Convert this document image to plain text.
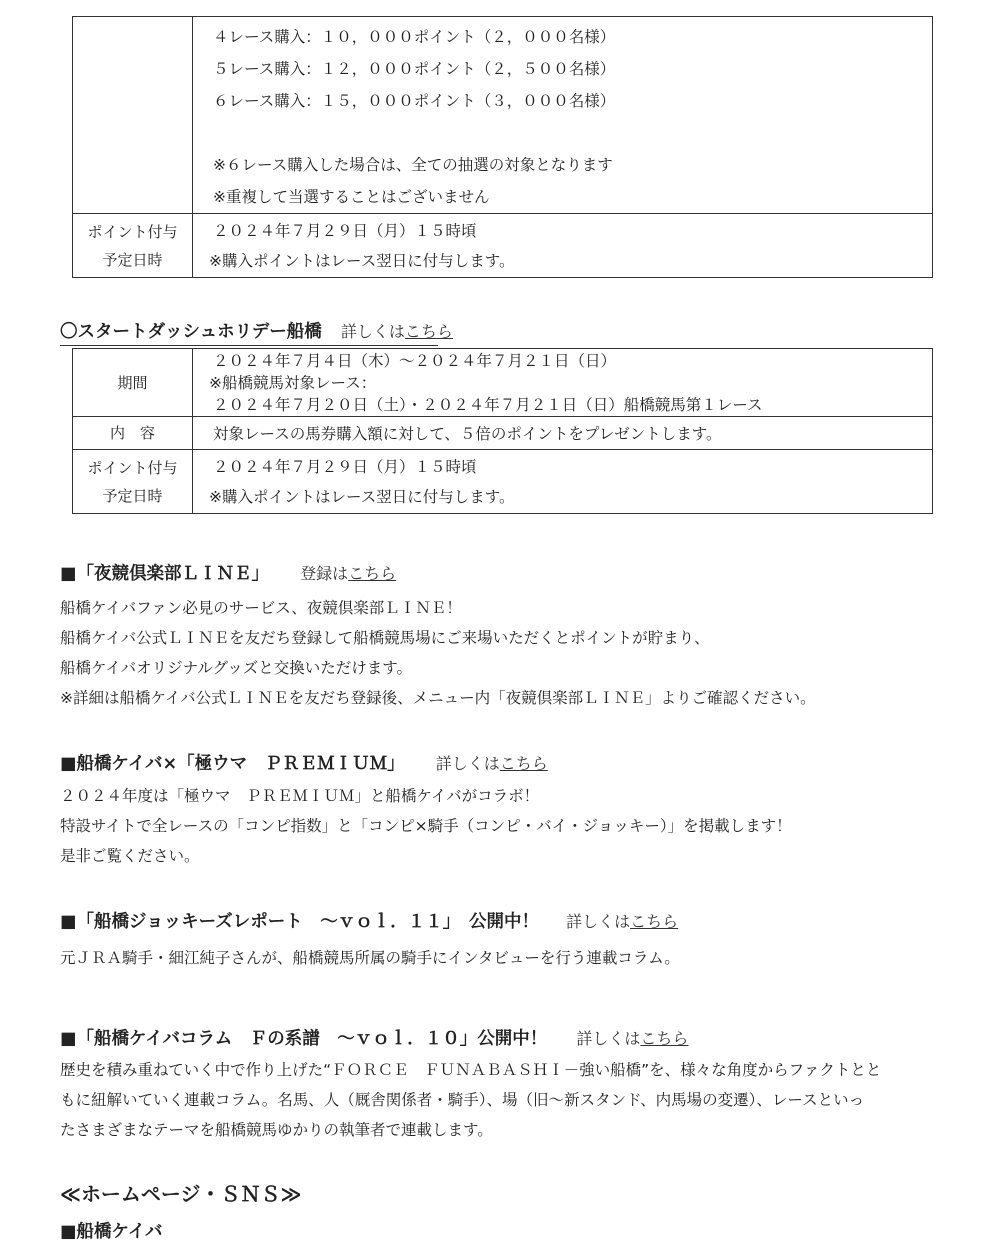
	４レース購入：１０，０００ポイント（２，０００名様）
５レース購入：１２，０００ポイント（２，５００名様）
６レース購入：１５，０００ポイント（３，０００名様）

※６レース購入した場合は、全ての抽選の対象となります
※重複して当選することはございません

ポイント付与
予定日時	２０２４年７月２９日（月）１５時頃
※購入ポイントはレース翌日に付与します。
〇スタートダッシュホリデー船橋 詳しくはこちら
期間	２０２４年７月４日（木）～２０２４年７月２１日（日）
※船橋競馬対象レース：
２０２４年７月２０日（土）・２０２４年７月２１日（日）船橋競馬第１レース

内　容	対象レースの馬券購入額に対して、５倍のポイントをプレゼントします。

ポイント付与
予定日時	２０２４年７月２９日（月）１５時頃
※購入ポイントはレース翌日に付与します。
■「夜競倶楽部ＬＩＮＥ」 登録はこちら
船橋ケイバファン必見のサービス、夜競倶楽部ＬＩＮＥ！
船橋ケイバ公式ＬＩＮＥを友だち登録して船橋競馬場にご来場いただくとポイントが貯まり、
船橋ケイバオリジナルグッズと交換いただけます。
※詳細は船橋ケイバ公式ＬＩＮＥを友だち登録後、メニュー内「夜競倶楽部ＬＩＮＥ」よりご確認ください。
■船橋ケイバ×「極ウマ　ＰＲＥＭＩＵＭ」 詳しくはこちら
２０２４年度は「極ウマ　ＰＲＥＭＩＵＭ」と船橋ケイバがコラボ！
特設サイトで全レースの「コンピ指数」と「コンピ×騎手（コンピ・バイ・ジョッキー）」を掲載します！
是非ご覧ください。
■「船橋ジョッキーズレポート　～ｖｏｌ．１１」　公開中！ 詳しくはこちら
元ＪＲＡ騎手・細江純子さんが、船橋競馬所属の騎手にインタビューを行う連載コラム。
■「船橋ケイバコラム　Ｆの系譜　～ｖｏｌ．１０」公開中！ 詳しくはこちら
歴史を積み重ねていく中で作り上げた“ＦＯＲＣＥ　ＦＵＮＡＢＡＳＨＩ－強い船橋”を、様々な角度からファクトとと
もに紐解いていく連載コラム。名馬、人（厩舎関係者・騎手）、場（旧～新スタンド、内馬場の変遷）、レースといっ
たさまざまなテーマを船橋競馬ゆかりの執筆者で連載します。
≪ホームページ・ＳＮＳ≫
■船橋ケイバ
